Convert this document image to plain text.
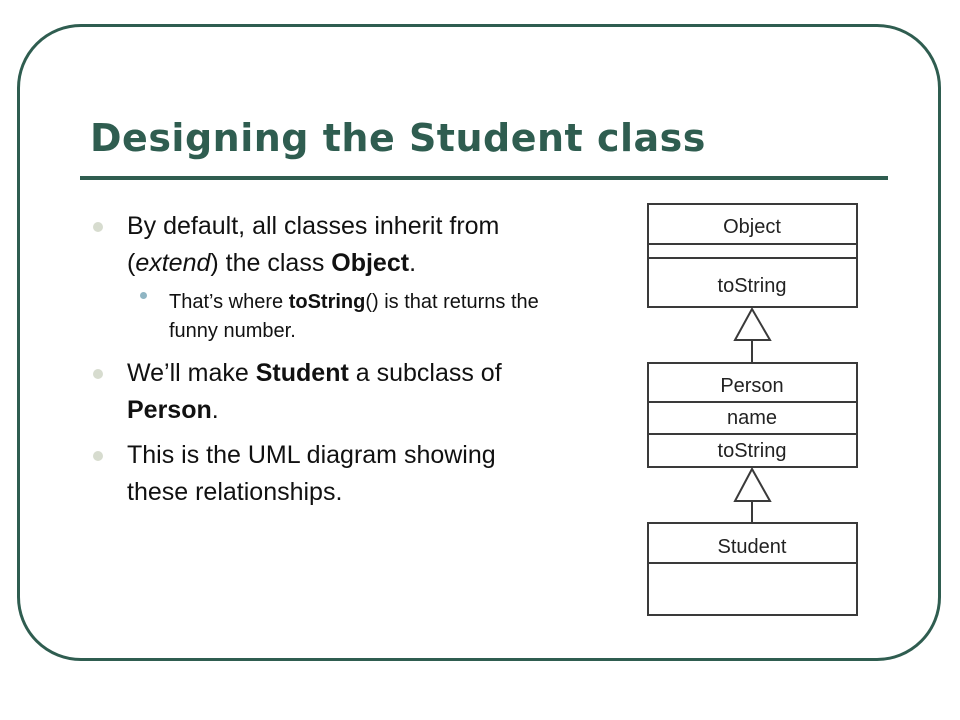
Designing the Student class
By default, all classes inherit from (extend) the class Object.
That’s where toString() is that returns the funny number.
We’ll make Student a subclass of Person.
This is the UML diagram showing these relationships.
Object
toString
Person
name
toString
Student
